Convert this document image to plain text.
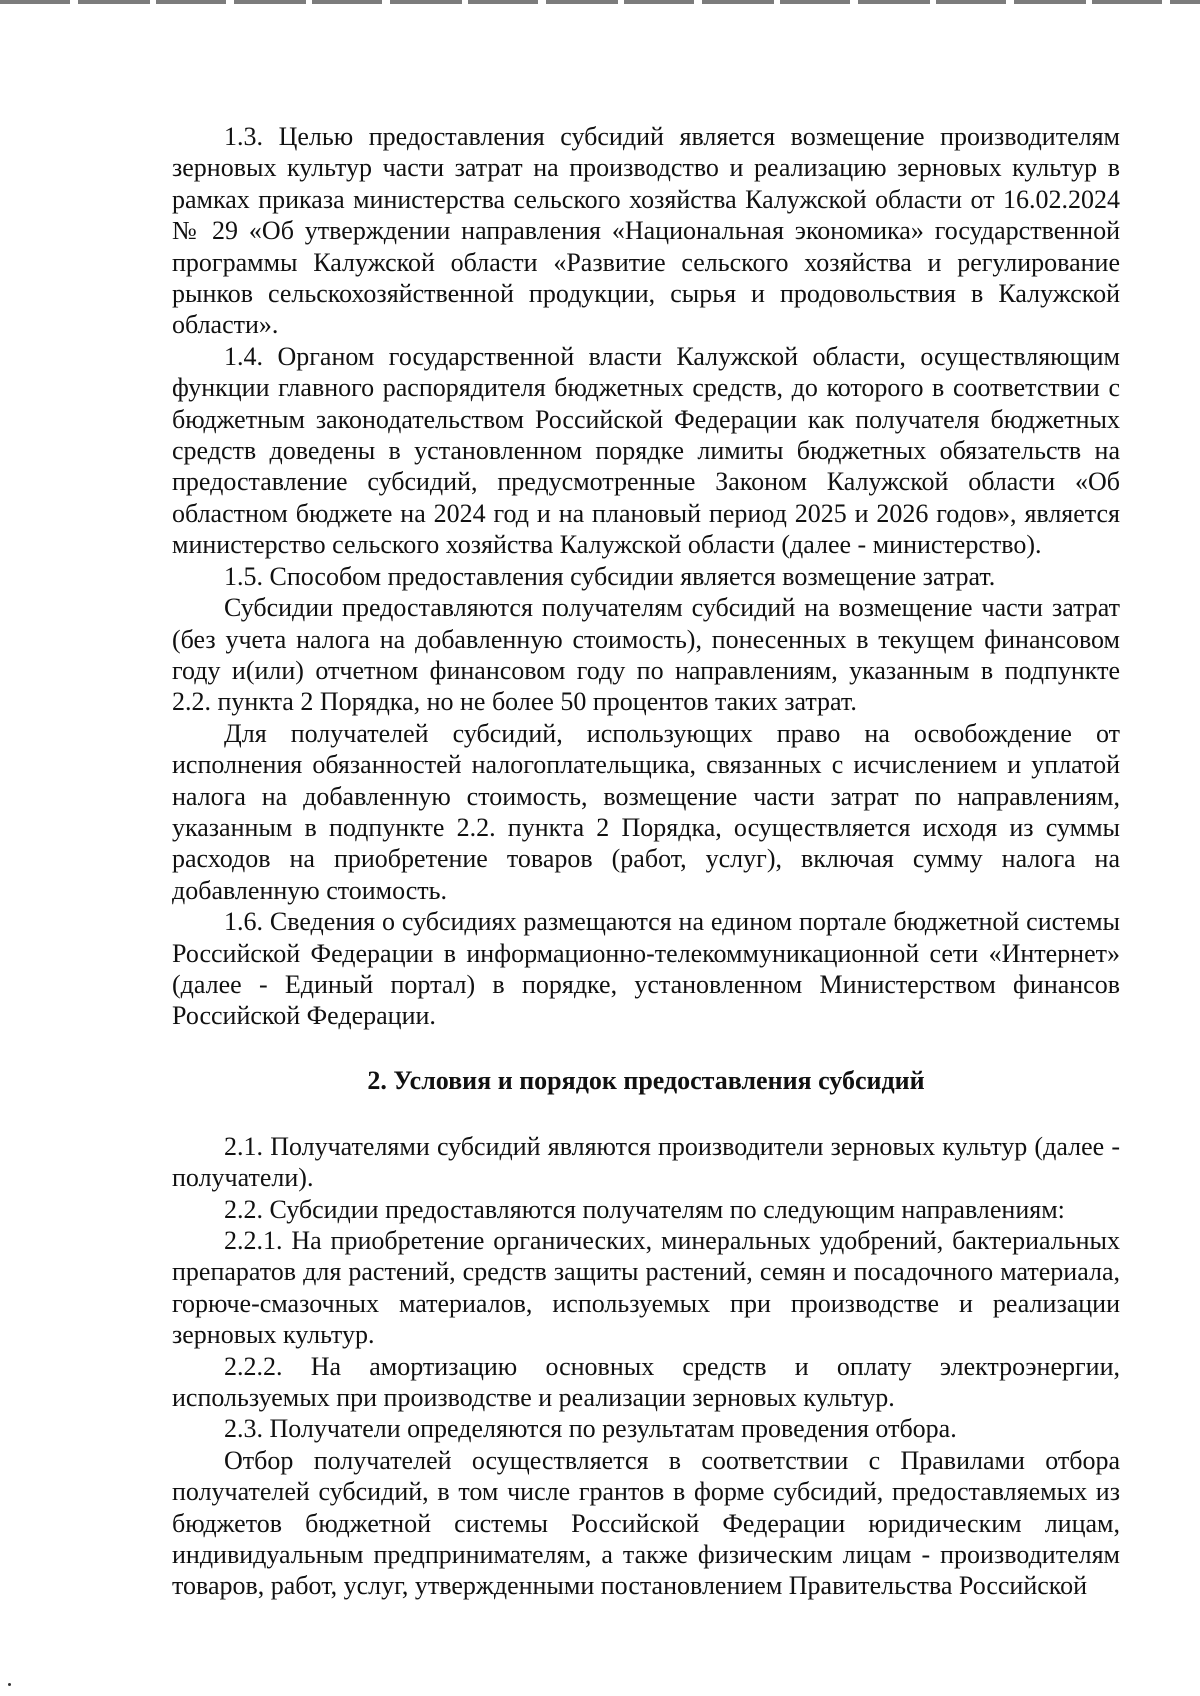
1.3. Целью предоставления субсидий является возмещение производителям зерновых культур части затрат на производство и реализацию зерновых культур в рамках приказа министерства сельского хозяйства Калужской области от 16.02.2024 № 29 «Об утверждении направления «Национальная экономика» государственной программы Калужской области «Развитие сельского хозяйства и регулирование рынков сельскохозяйственной продукции, сырья и продовольствия в Калужской области».

1.4. Органом государственной власти Калужской области, осуществляющим функции главного распорядителя бюджетных средств, до которого в соответствии с бюджетным законодательством Российской Федерации как получателя бюджетных средств доведены в установленном порядке лимиты бюджетных обязательств на предоставление субсидий, предусмотренные Законом Калужской области «Об областном бюджете на 2024 год и на плановый период 2025 и 2026 годов», является министерство сельского хозяйства Калужской области (далее - министерство).

1.5. Способом предоставления субсидии является возмещение затрат.

Субсидии предоставляются получателям субсидий на возмещение части затрат (без учета налога на добавленную стоимость), понесенных в текущем финансовом году и(или) отчетном финансовом году по направлениям, указанным в подпункте 2.2. пункта 2 Порядка, но не более 50 процентов таких затрат.

Для получателей субсидий, использующих право на освобождение от исполнения обязанностей налогоплательщика, связанных с исчислением и уплатой налога на добавленную стоимость, возмещение части затрат по направлениям, указанным в подпункте 2.2. пункта 2 Порядка, осуществляется исходя из суммы расходов на приобретение товаров (работ, услуг), включая сумму налога на добавленную стоимость.

1.6. Сведения о субсидиях размещаются на едином портале бюджетной системы Российской Федерации в информационно-телекоммуникационной сети «Интернет» (далее - Единый портал) в порядке, установленном Министерством финансов Российской Федерации.

2. Условия и порядок предоставления субсидий

2.1. Получателями субсидий являются производители зерновых культур (далее - получатели).

2.2. Субсидии предоставляются получателям по следующим направлениям:

2.2.1. На приобретение органических, минеральных удобрений, бактериальных препаратов для растений, средств защиты растений, семян и посадочного материала, горюче-смазочных материалов, используемых при производстве и реализации зерновых культур.

2.2.2. На амортизацию основных средств и оплату электроэнергии, используемых при производстве и реализации зерновых культур.

2.3. Получатели определяются по результатам проведения отбора.

Отбор получателей осуществляется в соответствии с Правилами отбора получателей субсидий, в том числе грантов в форме субсидий, предоставляемых из бюджетов бюджетной системы Российской Федерации юридическим лицам, индивидуальным предпринимателям, а также физическим лицам - производителям товаров, работ, услуг, утвержденными постановлением Правительства Российской
